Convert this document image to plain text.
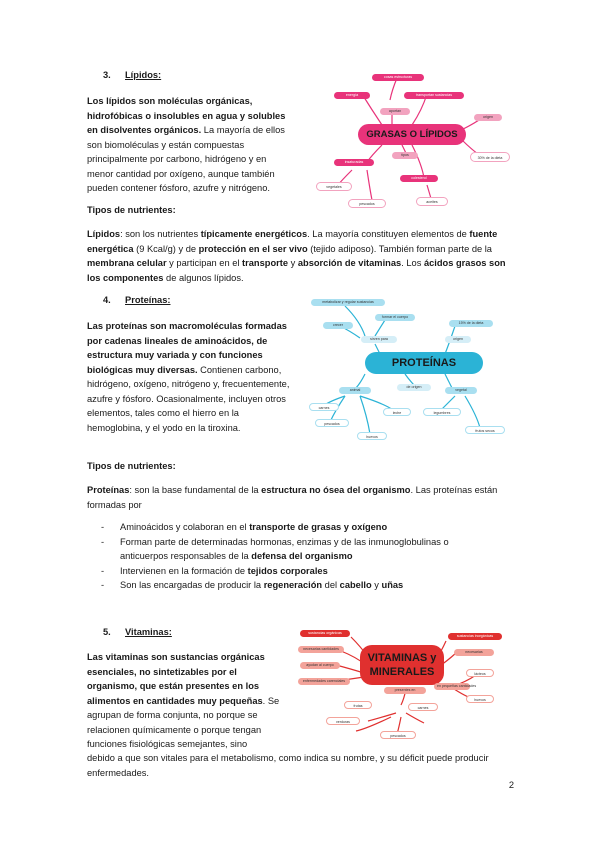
3. Lípidos:
Los lípidos son moléculas orgánicas, hidrofóbicas o insolubles en agua y solubles en disolventes orgánicos. La mayoría de ellos son biomoléculas y están compuestas principalmente por carbono, hidrógeno y en menor cantidad por oxígeno, aunque también pueden contener fósforo, azufre y nitrógeno.
cosas estructuras
energía	transportan sustancias
aportan
GRASAS O LÍPIDOS
tipos
insaturadas
colesterol
origen
30% de la dieta
vegetales
pescados	aceites
Tipos de nutrientes:
Lípidos: son los nutrientes típicamente energéticos. La mayoría constituyen elementos de fuente energética (9 Kcal/g) y de protección en el ser vivo (tejido adiposo). También forman parte de la membrana celular y participan en el transporte y absorción de vitaminas. Los ácidos grasos son los componentes de algunos lípidos.
4. Proteínas:
Las proteínas son macromoléculas formadas por cadenas lineales de aminoácidos, de estructura muy variada y con funciones biológicas muy diversas. Contienen carbono, hidrógeno, oxígeno, nitrógeno y, frecuentemente, azufre y fósforo. Ocasionalmente, incluyen otros elementos, tales como el hierro en la hemoglobina, y el yodo en la tiroxina.
metabolizar y regular sustancias
formar el cuerpo
crecer
sirven para
15% de la dieta
PROTEÍNAS
origen
animal
de origen
vegetal
carnes
pescados
leche
huevos
legumbres
frutos secos
Tipos de nutrientes:
Proteínas: son la base fundamental de la estructura no ósea del organismo. Las proteínas están formadas por
- Aminoácidos y colaboran en el transporte de grasas y oxígeno
- Forman parte de determinadas hormonas, enzimas y de las inmunoglobulinas o anticuerpos responsables de la defensa del organismo
- Intervienen en la formación de tejidos corporales
- Son las encargadas de producir la regeneración del cabello y uñas
5. Vitaminas:
Las vitaminas son sustancias orgánicas esenciales, no sintetizables por el organismo, que están presentes en los alimentos en cantidades muy pequeñas. Se agrupan de forma conjunta, no porque se relacionen químicamente o porque tengan funciones fisiológicas semejantes, sino
debido a que son vitales para el metabolismo, como indica su nombre, y su déficit puede producir enfermedades.
sustancias orgánicas
necesarias cantidades
ayudan al cuerpo
enfermedades carenciales
VITAMINAS y MINERALES
sustancias inorgánicas
necesarias
en pequeñas cantidades
lácteos
huevos
presentes en
frutas	carnes
verduras
pescados
2
